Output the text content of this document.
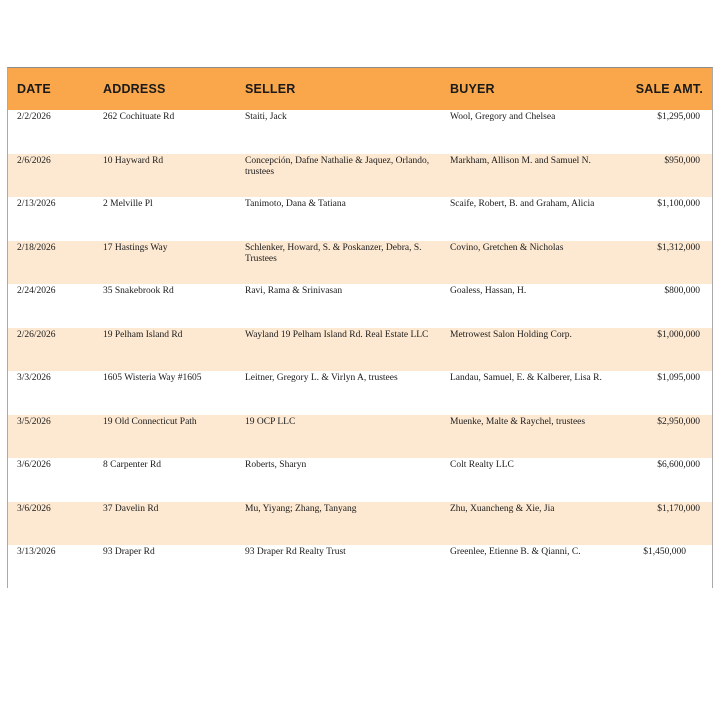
DATE	ADDRESS	SELLER	BUYER	SALE AMT.
2/2/2026	262 Cochituate Rd	Staiti, Jack	Wool, Gregory and Chelsea	$1,295,000
2/6/2026	10 Hayward Rd	Concepción, Dafne Nathalie & Jaquez, Orlando, trustees	Markham, Allison M. and Samuel N.	$950,000
2/13/2026	2 Melville Pl	Tanimoto, Dana & Tatiana	Scaife, Robert, B. and Graham, Alicia	$1,100,000
2/18/2026	17 Hastings Way	Schlenker, Howard, S. & Poskanzer, Debra, S. Trustees	Covino, Gretchen & Nicholas	$1,312,000
2/24/2026	35 Snakebrook Rd	Ravi, Rama & Srinivasan	Goaless, Hassan, H.	$800,000
2/26/2026	19 Pelham Island Rd	Wayland 19 Pelham Island Rd. Real Estate LLC	Metrowest Salon Holding Corp.	$1,000,000
3/3/2026	1605 Wisteria Way #1605	Leitner, Gregory L. & Virlyn A, trustees	Landau, Samuel, E. & Kalberer, Lisa R.	$1,095,000
3/5/2026	19 Old Connecticut Path	19 OCP LLC	Muenke, Malte & Raychel, trustees	$2,950,000
3/6/2026	8 Carpenter Rd	Roberts, Sharyn	Colt Realty LLC	$6,600,000
3/6/2026	37 Davelin Rd	Mu, Yiyang; Zhang, Tanyang	Zhu, Xuancheng & Xie, Jia	$1,170,000
3/13/2026	93 Draper Rd	93 Draper Rd Realty Trust	Greenlee, Etienne B. & Qianni, C.	$1,450,000
